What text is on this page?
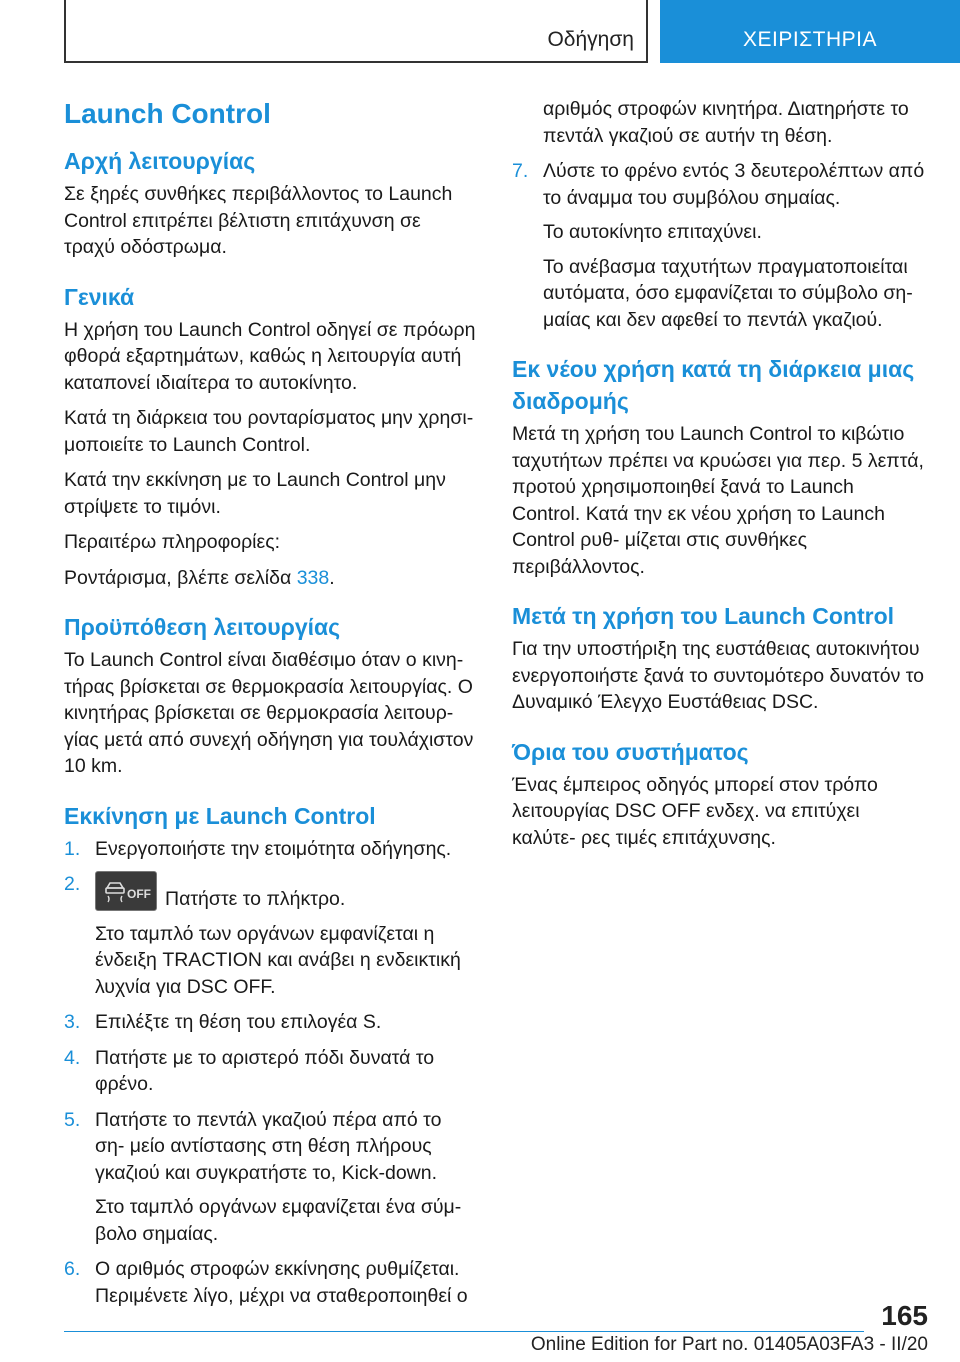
Οδήγηση	ΧΕΙΡΙΣΤΗΡΙΑ
Launch Control
Αρχή λειτουργίας

Σε ξηρές συνθήκες περιβάλλοντος το Launch Control επιτρέπει βέλτιστη επιτάχυνση σε τραχύ οδόστρωμα.

Γενικά

Η χρήση του Launch Control οδηγεί σε πρόωρη φθορά εξαρτημάτων, καθώς η λειτουργία αυτή καταπονεί ιδιαίτερα το αυτοκίνητο.

Κατά τη διάρκεια του ρονταρίσματος μην χρησι‐ μοποιείτε το Launch Control.

Κατά την εκκίνηση με το Launch Control μην στρίψετε το τιμόνι.

Περαιτέρω πληροφορίες:

Ροντάρισμα, βλέπε σελίδα 338.

Προϋπόθεση λειτουργίας

Το Launch Control είναι διαθέσιμο όταν ο κινη‐ τήρας βρίσκεται σε θερμοκρασία λειτουργίας. Ο κινητήρας βρίσκεται σε θερμοκρασία λειτουρ‐ γίας μετά από συνεχή οδήγηση για τουλάχιστον 10 km.

Εκκίνηση με Launch Control
1. Ενεργοποιήστε την ετοιμότητα οδήγησης.

2.	OFF Πατήστε το πλήκτρο.

Στο ταμπλό των οργάνων εμφανίζεται η ένδειξη TRACTION και ανάβει η ενδεικτική λυχνία για DSC OFF.

3. Επιλέξτε τη θέση του επιλογέα S.

4. Πατήστε με το αριστερό πόδι δυνατά το φρένο.

5. Πατήστε το πεντάλ γκαζιού πέρα από το ση‐ μείο αντίστασης στη θέση πλήρους γκαζιού και συγκρατήστε το, Kick-down.

Στο ταμπλό οργάνων εμφανίζεται ένα σύμ‐ βολο σημαίας.

6. Ο αριθμός στροφών εκκίνησης ρυθμίζεται. Περιμένετε λίγο, μέχρι να σταθεροποιηθεί ο

αριθμός στροφών κινητήρα. Διατηρήστε το πεντάλ γκαζιού σε αυτήν τη θέση.

7. Λύστε το φρένο εντός 3 δευτερολέπτων από το άναμμα του συμβόλου σημαίας.

Το αυτοκίνητο επιταχύνει.

Το ανέβασμα ταχυτήτων πραγματοποιείται αυτόματα, όσο εμφανίζεται το σύμβολο ση‐ μαίας και δεν αφεθεί το πεντάλ γκαζιού.

Εκ νέου χρήση κατά τη διάρκεια μιας διαδρομής

Μετά τη χρήση του Launch Control το κιβώτιο ταχυτήτων πρέπει να κρυώσει για περ. 5 λεπτά, προτού χρησιμοποιηθεί ξανά το Launch Control. Κατά την εκ νέου χρήση το Launch Control ρυθ‐ μίζεται στις συνθήκες περιβάλλοντος.

Μετά τη χρήση του Launch Control

Για την υποστήριξη της ευστάθειας αυτοκινήτου ενεργοποιήστε ξανά το συντομότερο δυνατόν το Δυναμικό Έλεγχο Ευστάθειας DSC.

Όρια του συστήματος

Ένας έμπειρος οδηγός μπορεί στον τρόπο λειτουργίας DSC OFF ενδεχ. να επιτύχει καλύτε‐ ρες τιμές επιτάχυνσης.

165
Online Edition for Part no. 01405A03FA3 - II/20
